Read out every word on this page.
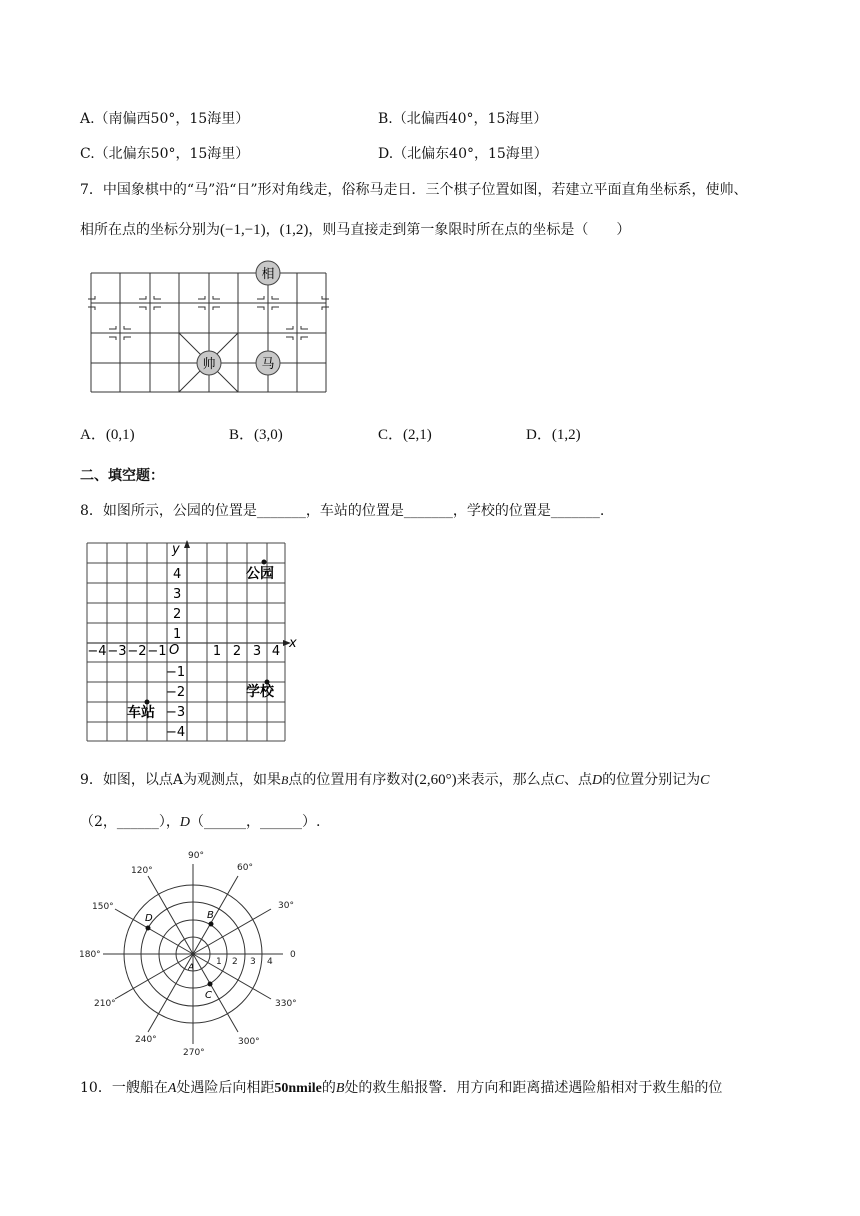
A.（南偏西50°，15海里）	B.（北偏西40°，15海里）
C.（北偏东50°，15海里）	D.（北偏东40°，15海里）
7．中国象棋中的“马”沿“日”形对角线走，俗称马走日．三个棋子位置如图，若建立平面直角坐标系，使帅、
相所在点的坐标分别为(−1,−1)，(1,2)，则马直接走到第一象限时所在点的坐标是（　　）
相
帅	马
A．(0,1)	B．(3,0)	C．(2,1)	D．(1,2)
二、填空题：
8．如图所示，公园的位置是_______，车站的位置是_______，学校的位置是_______.
y
x
O
−4 −3 −2 −1	1 2 3 4
4
3
2
1
−1
−2
−3
−4
公园
学校
车站
9．如图，以点A为观测点，如果B点的位置用有序数对(2,60°)来表示，那么点C、点D的位置分别记为C
（2，______），D（______，______）.
90°
60°
30°
0
330°
300°
270°
240°
210°
180°
150°
120°
1 2 3 4
A
B
D
C
10．一艘船在A处遇险后向相距50nmile的B处的救生船报警．用方向和距离描述遇险船相对于救生船的位
